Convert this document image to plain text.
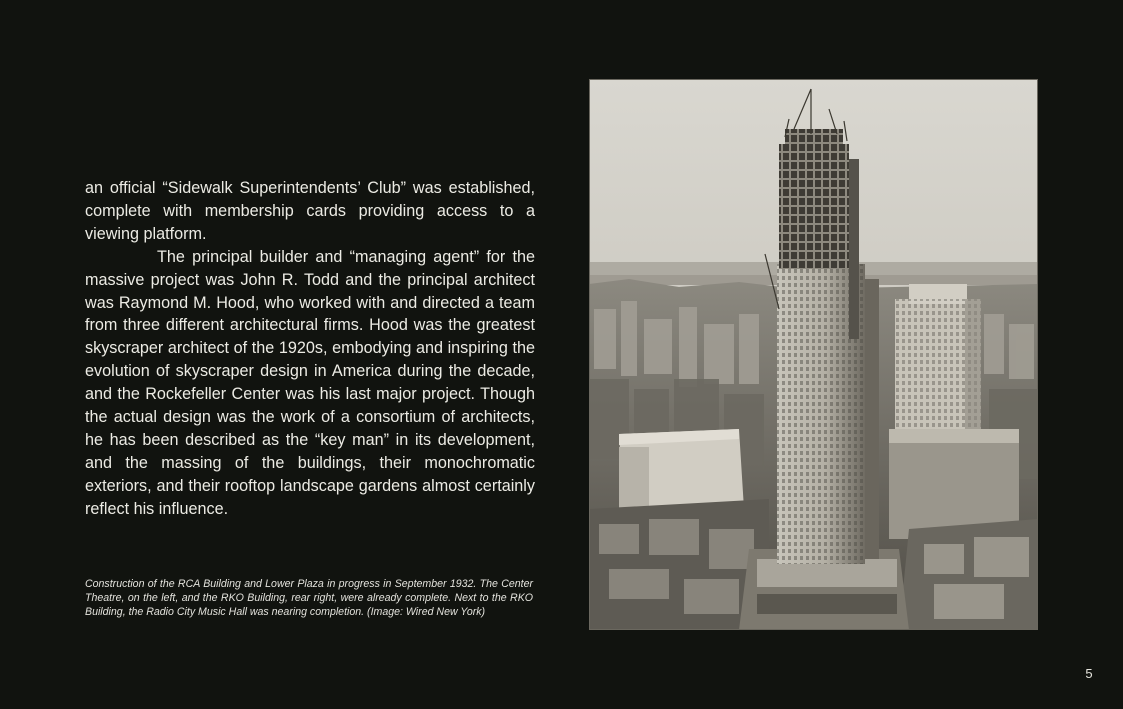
an official “Sidewalk Superintendents’ Club” was established, complete with membership cards providing access to a viewing platform.

The principal builder and “managing agent” for the massive project was John R. Todd and the principal architect was Raymond M. Hood, who worked with and directed a team from three different architectural firms. Hood was the greatest skyscraper architect of the 1920s, embodying and inspiring the evolution of skyscraper design in America during the decade, and the Rockefeller Center was his last major project. Though the actual design was the work of a consortium of architects, he has been described as the “key man” in its development, and the massing of the buildings, their monochromatic exteriors, and their rooftop landscape gardens almost certainly reflect his influence.

Construction of the RCA Building and Lower Plaza in progress in September 1932. The Center Theatre, on the left, and the RKO Building, rear right, were already complete. Next to the RKO Building, the Radio City Music Hall was nearing completion. (Image: Wired New York)

5
